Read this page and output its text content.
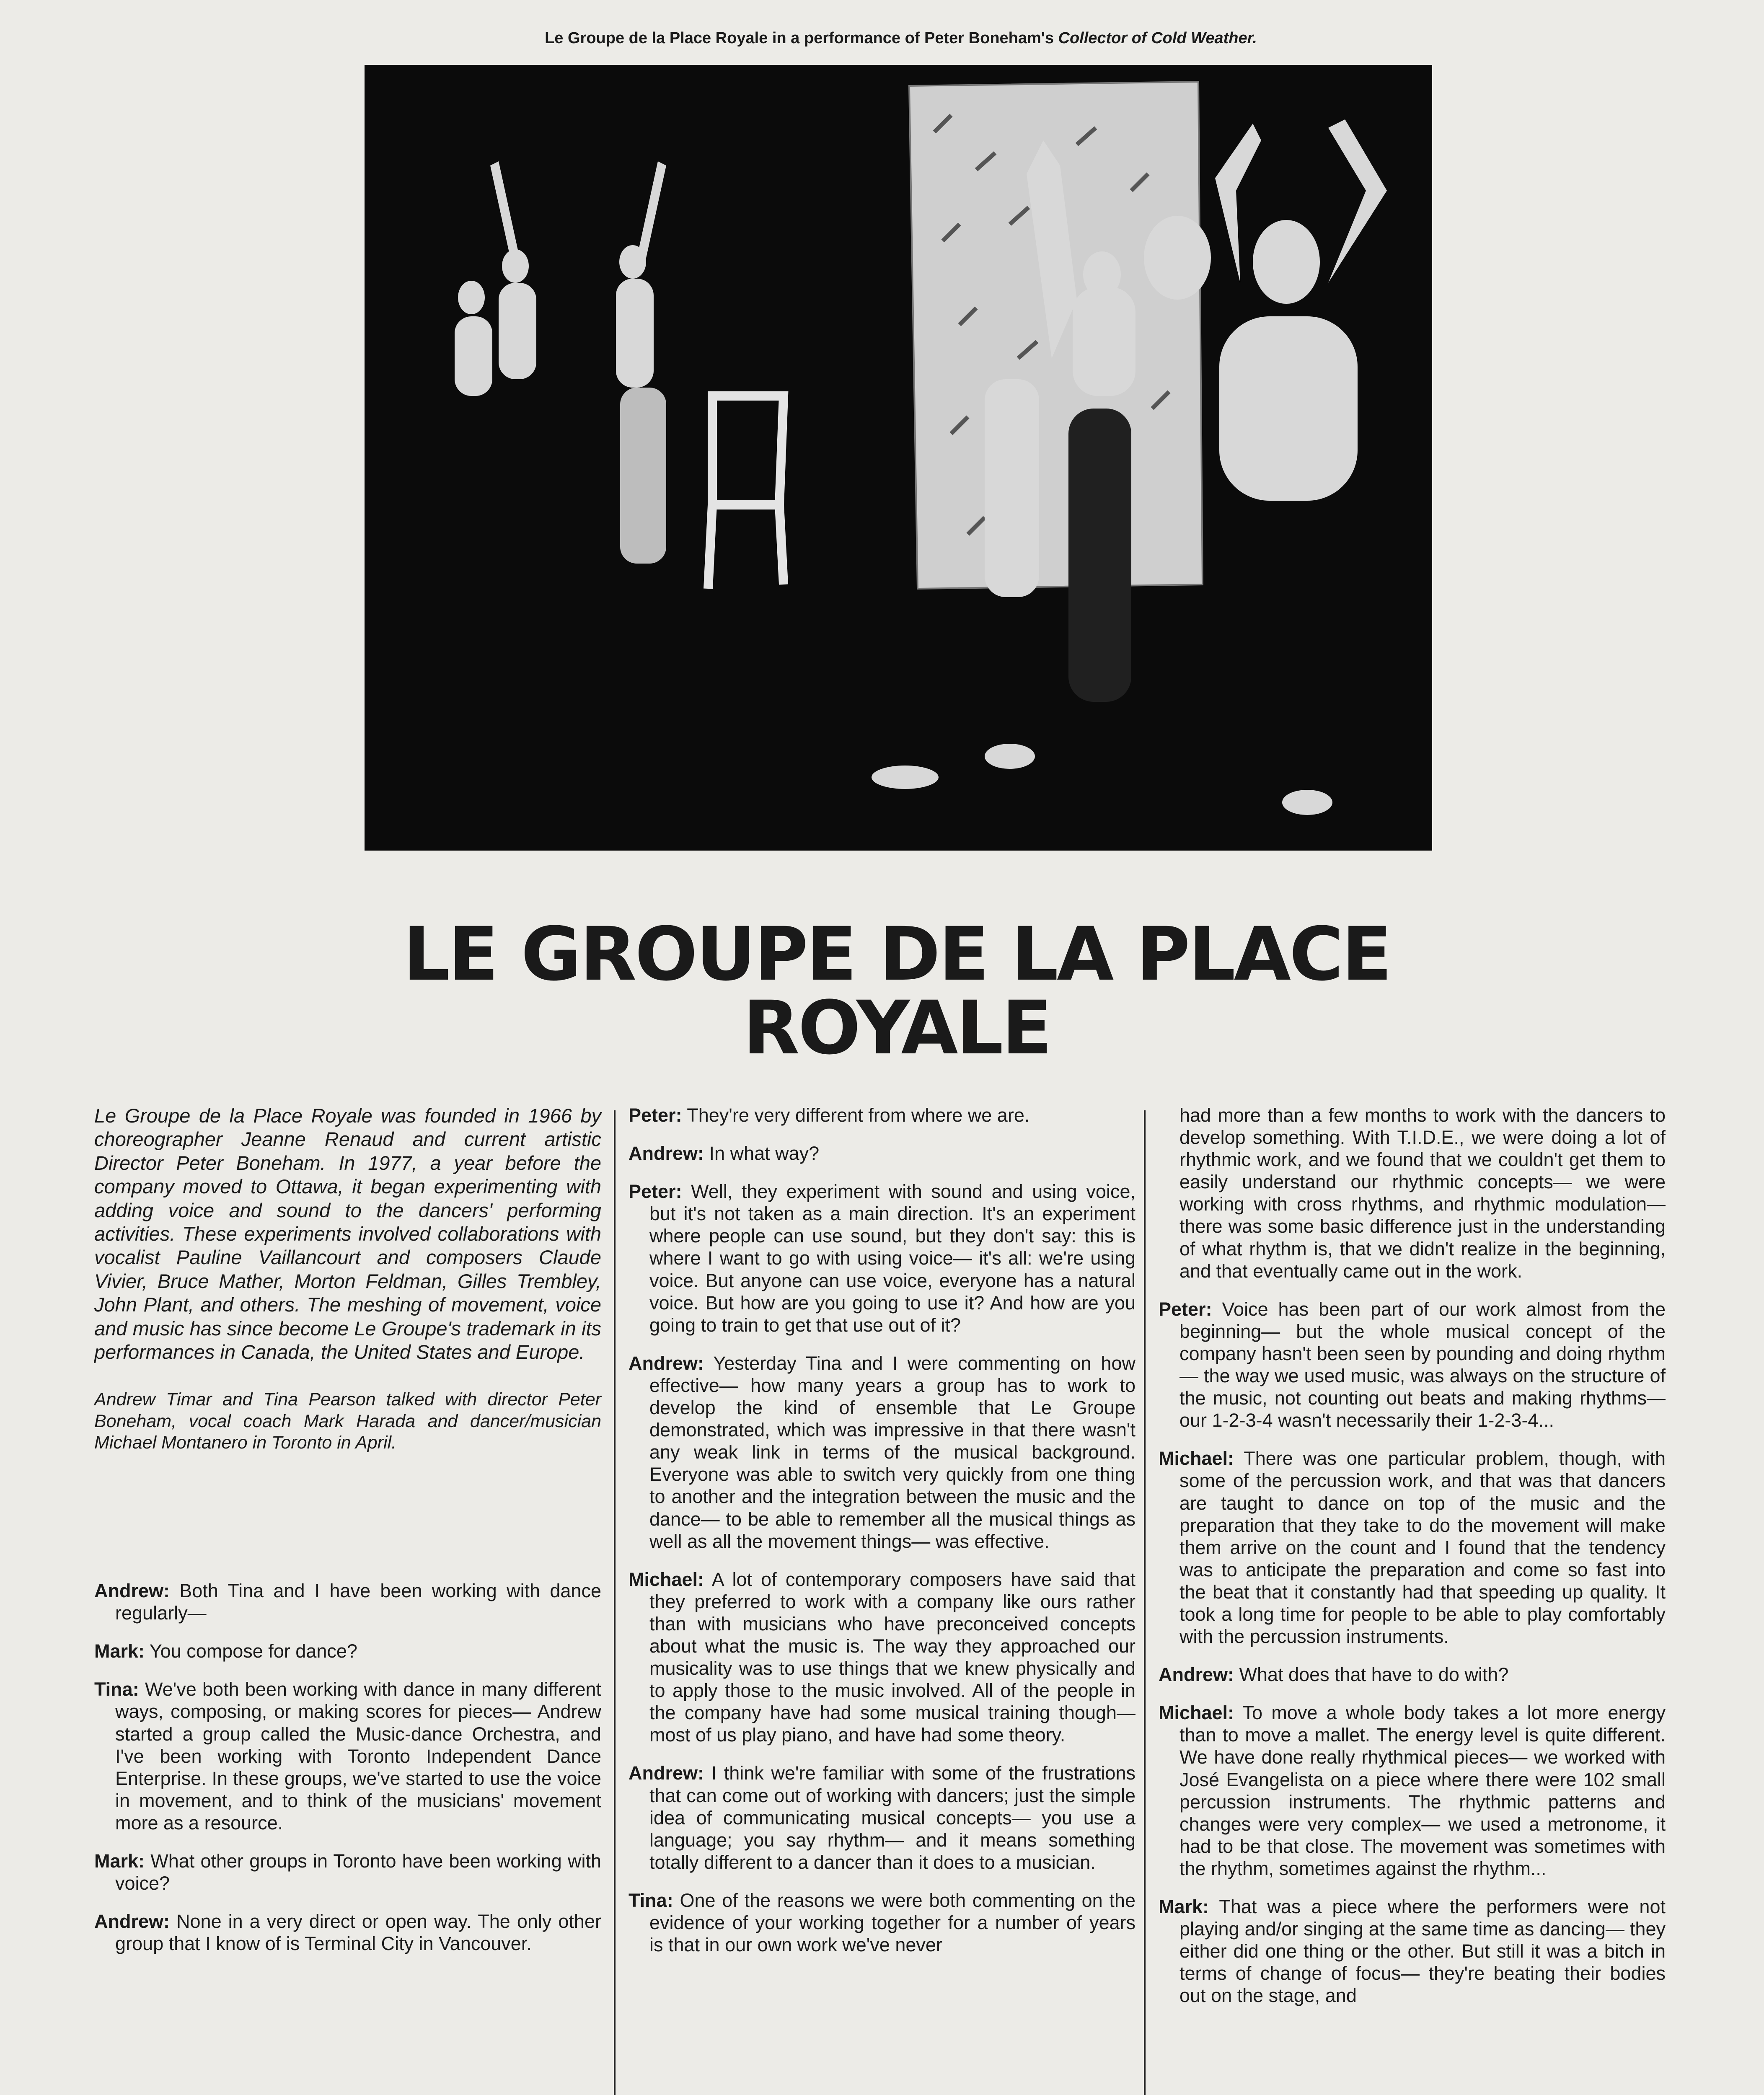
Le Groupe de la Place Royale in a performance of Peter Boneham's Collector of Cold Weather.
LE GROUPE DE LA PLACE ROYALE

Le Groupe de la Place Royale was founded in 1966 by choreographer Jeanne Renaud and current artistic Director Peter Boneham. In 1977, a year before the company moved to Ottawa, it began experimenting with adding voice and sound to the dancers' performing activities. These experiments involved collaborations with vocalist Pauline Vaillancourt and composers Claude Vivier, Bruce Mather, Morton Feldman, Gilles Trembley, John Plant, and others. The meshing of movement, voice and music has since become Le Groupe's trademark in its performances in Canada, the United States and Europe.

Andrew Timar and Tina Pearson talked with director Peter Boneham, vocal coach Mark Harada and dancer/musician Michael Montanero in Toronto in April.

Andrew: Both Tina and I have been working with dance regularly—

Mark: You compose for dance?

Tina: We've both been working with dance in many different ways, composing, or making scores for pieces— Andrew started a group called the Music-dance Orchestra, and I've been working with Toronto Independent Dance Enterprise. In these groups, we've started to use the voice in movement, and to think of the musicians' movement more as a resource.

Mark: What other groups in Toronto have been working with voice?

Andrew: None in a very direct or open way. The only other group that I know of is Terminal City in Vancouver.

Peter: They're very different from where we are.

Andrew: In what way?

Peter: Well, they experiment with sound and using voice, but it's not taken as a main direction. It's an experiment where people can use sound, but they don't say: this is where I want to go with using voice— it's all: we're using voice. But anyone can use voice, everyone has a natural voice. But how are you going to use it? And how are you going to train to get that use out of it?

Andrew: Yesterday Tina and I were commenting on how effective— how many years a group has to work to develop the kind of ensemble that Le Groupe demonstrated, which was impressive in that there wasn't any weak link in terms of the musical background. Everyone was able to switch very quickly from one thing to another and the integration between the music and the dance— to be able to remember all the musical things as well as all the movement things— was effective.

Michael: A lot of contemporary composers have said that they preferred to work with a company like ours rather than with musicians who have preconceived concepts about what the music is. The way they approached our musicality was to use things that we knew physically and to apply those to the music involved. All of the people in the company have had some musical training though— most of us play piano, and have had some theory.

Andrew: I think we're familiar with some of the frustrations that can come out of working with dancers; just the simple idea of communicating musical concepts— you use a language; you say rhythm— and it means something totally different to a dancer than it does to a musician.

Tina: One of the reasons we were both commenting on the evidence of your working together for a number of years is that in our own work we've never

had more than a few months to work with the dancers to develop something. With T.I.D.E., we were doing a lot of rhythmic work, and we found that we couldn't get them to easily understand our rhythmic concepts— we were working with cross rhythms, and rhythmic modulation— there was some basic difference just in the understanding of what rhythm is, that we didn't realize in the beginning, and that eventually came out in the work.

Peter: Voice has been part of our work almost from the beginning— but the whole musical concept of the company hasn't been seen by pounding and doing rhythm— the way we used music, was always on the structure of the music, not counting out beats and making rhythms— our 1-2-3-4 wasn't necessarily their 1-2-3-4...

Michael: There was one particular problem, though, with some of the percussion work, and that was that dancers are taught to dance on top of the music and the preparation that they take to do the movement will make them arrive on the count and I found that the tendency was to anticipate the preparation and come so fast into the beat that it constantly had that speeding up quality. It took a long time for people to be able to play comfortably with the percussion instruments.

Andrew: What does that have to do with?

Michael: To move a whole body takes a lot more energy than to move a mallet. The energy level is quite different. We have done really rhythmical pieces— we worked with José Evangelista on a piece where there were 102 small percussion instruments. The rhythmic patterns and changes were very complex— we used a metronome, it had to be that close. The movement was sometimes with the rhythm, sometimes against the rhythm...

Mark: That was a piece where the performers were not playing and/or singing at the same time as dancing— they either did one thing or the other. But still it was a bitch in terms of change of focus— they're beating their bodies out on the stage, and
